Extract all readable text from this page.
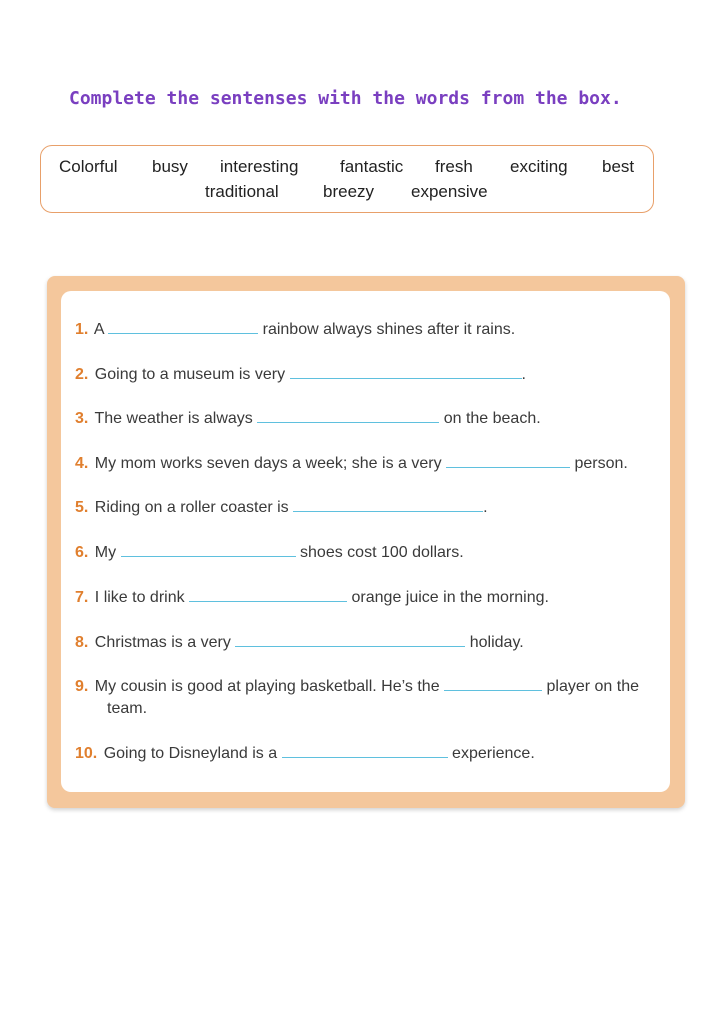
Complete the sentenses with the words from the box.
Colorful busy interesting fantastic fresh exciting best
traditional	breezy expensive
1. A	rainbow always shines after it rains.
2. Going to a museum is very	.
3. The weather is always	on the beach.
4. My mom works seven days a week; she is a very	person.
5. Riding on a roller coaster is	.
6. My	shoes cost 100 dollars.
7. I like to drink	orange juice in the morning.
8. Christmas is a very	holiday.
9. My cousin is good at playing basketball. He’s the	player on the
team.
10. Going to Disneyland is a	experience.
